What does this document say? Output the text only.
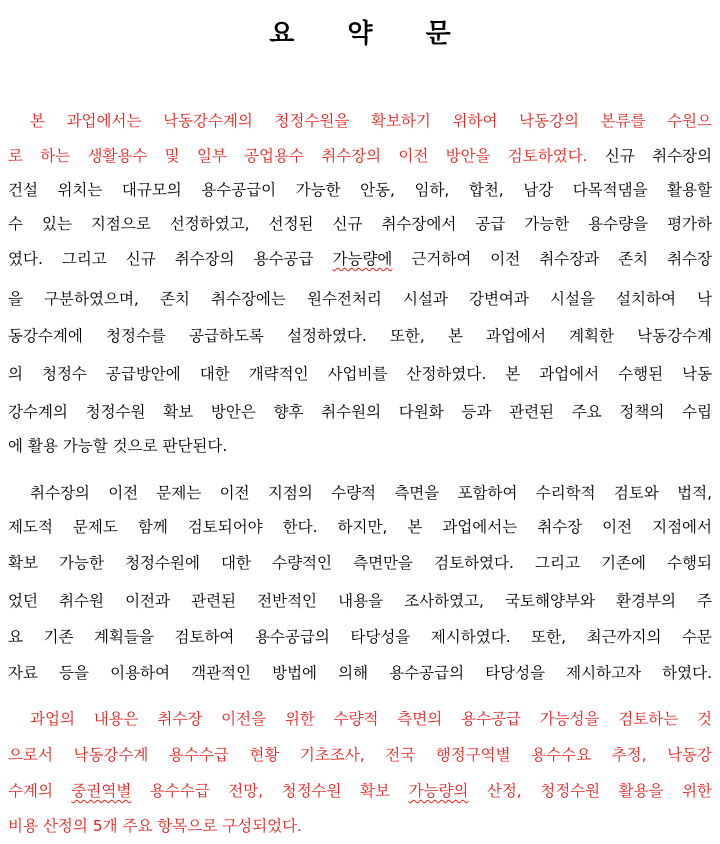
요 약 문
본 과업에서는 낙동강수계의 청정수원을 확보하기 위하여 낙동강의 본류를 수원으
로 하는 생활용수 및 일부 공업용수 취수장의 이전 방안을 검토하였다. 신규 취수장의
건설 위치는 대규모의 용수공급이 가능한 안동, 임하, 합천, 남강 다목적댐을 활용할
수 있는 지점으로 선정하였고, 선정된 신규 취수장에서 공급 가능한 용수량을 평가하
였다. 그리고 신규 취수장의 용수공급 가능량에 근거하여 이전 취수장과 존치 취수장
을 구분하였으며, 존치 취수장에는 원수전처리 시설과 강변여과 시설을 설치하여 낙
동강수계에 청정수를 공급하도록 설정하였다. 또한, 본 과업에서 계획한 낙동강수계
의 청정수 공급방안에 대한 개략적인 사업비를 산정하였다. 본 과업에서 수행된 낙동
강수계의 청정수원 확보 방안은 향후 취수원의 다원화 등과 관련된 주요 정책의 수립
에 활용 가능할 것으로 판단된다.
취수장의 이전 문제는 이전 지점의 수량적 측면을 포함하여 수리학적 검토와 법적,
제도적 문제도 함께 검토되어야 한다. 하지만, 본 과업에서는 취수장 이전 지점에서
확보 가능한 청정수원에 대한 수량적인 측면만을 검토하였다. 그리고 기존에 수행되
었던 취수원 이전과 관련된 전반적인 내용을 조사하였고, 국토해양부와 환경부의 주
요 기존 계획들을 검토하여 용수공급의 타당성을 제시하였다. 또한, 최근까지의 수문
자료 등을 이용하여 객관적인 방법에 의해 용수공급의 타당성을 제시하고자 하였다.
과업의 내용은 취수장 이전을 위한 수량적 측면의 용수공급 가능성을 검토하는 것
으로서 낙동강수계 용수수급 현황 기초조사, 전국 행정구역별 용수수요 추정, 낙동강
수계의 중권역별 용수수급 전망, 청정수원 확보 가능량의 산정, 청정수원 활용을 위한
비용 산정의 5개 주요 항목으로 구성되었다.
